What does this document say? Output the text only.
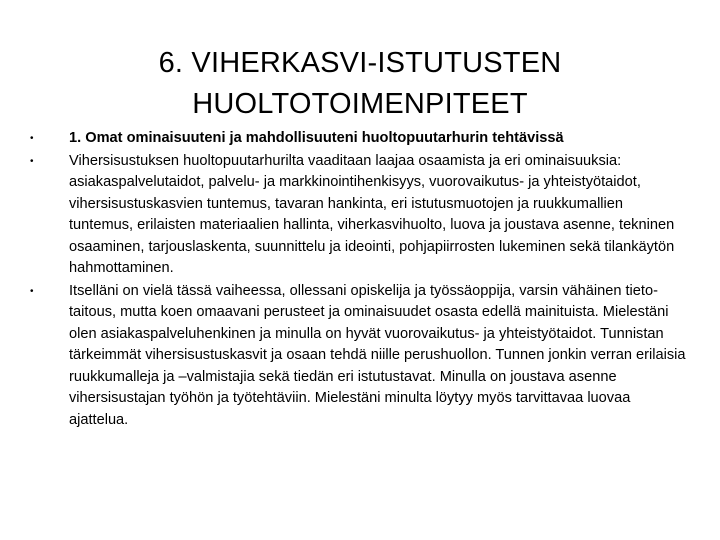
6. VIHERKASVI-ISTUTUSTEN
HUOLTOTOIMENPITEET
•	1. Omat ominaisuuteni ja mahdollisuuteni huoltopuutarhurin tehtävissä
•	Vihersisustuksen huoltopuutarhurilta vaaditaan laajaa osaamista ja eri ominaisuuksia: asiakaspalvelutaidot, palvelu- ja markkinointihenkisyys, vuorovaikutus- ja yhteistyötaidot, vihersisustuskasvien tuntemus, tavaran hankinta, eri istutusmuotojen ja ruukkumallien tuntemus, erilaisten materiaalien hallinta, viherkasvihuolto, luova ja joustava asenne, tekninen osaaminen, tarjouslaskenta, suunnittelu ja ideointi, pohjapiirrosten lukeminen sekä tilankäytön hahmottaminen.
•	Itselläni on vielä tässä vaiheessa, ollessani opiskelija ja työssäoppija, varsin vähäinen tieto-taitous, mutta koen omaavani perusteet ja ominaisuudet osasta edellä mainituista. Mielestäni olen asiakaspalveluhenkinen ja minulla on hyvät vuorovaikutus- ja yhteistyötaidot. Tunnistan tärkeimmät vihersisustuskasvit ja osaan tehdä niille perushuollon. Tunnen jonkin verran erilaisia ruukkumalleja ja –valmistajia sekä tiedän eri istutustavat. Minulla on joustava asenne vihersisustajan työhön ja työtehtäviin. Mielestäni minulta löytyy myös tarvittavaa luovaa ajattelua.
